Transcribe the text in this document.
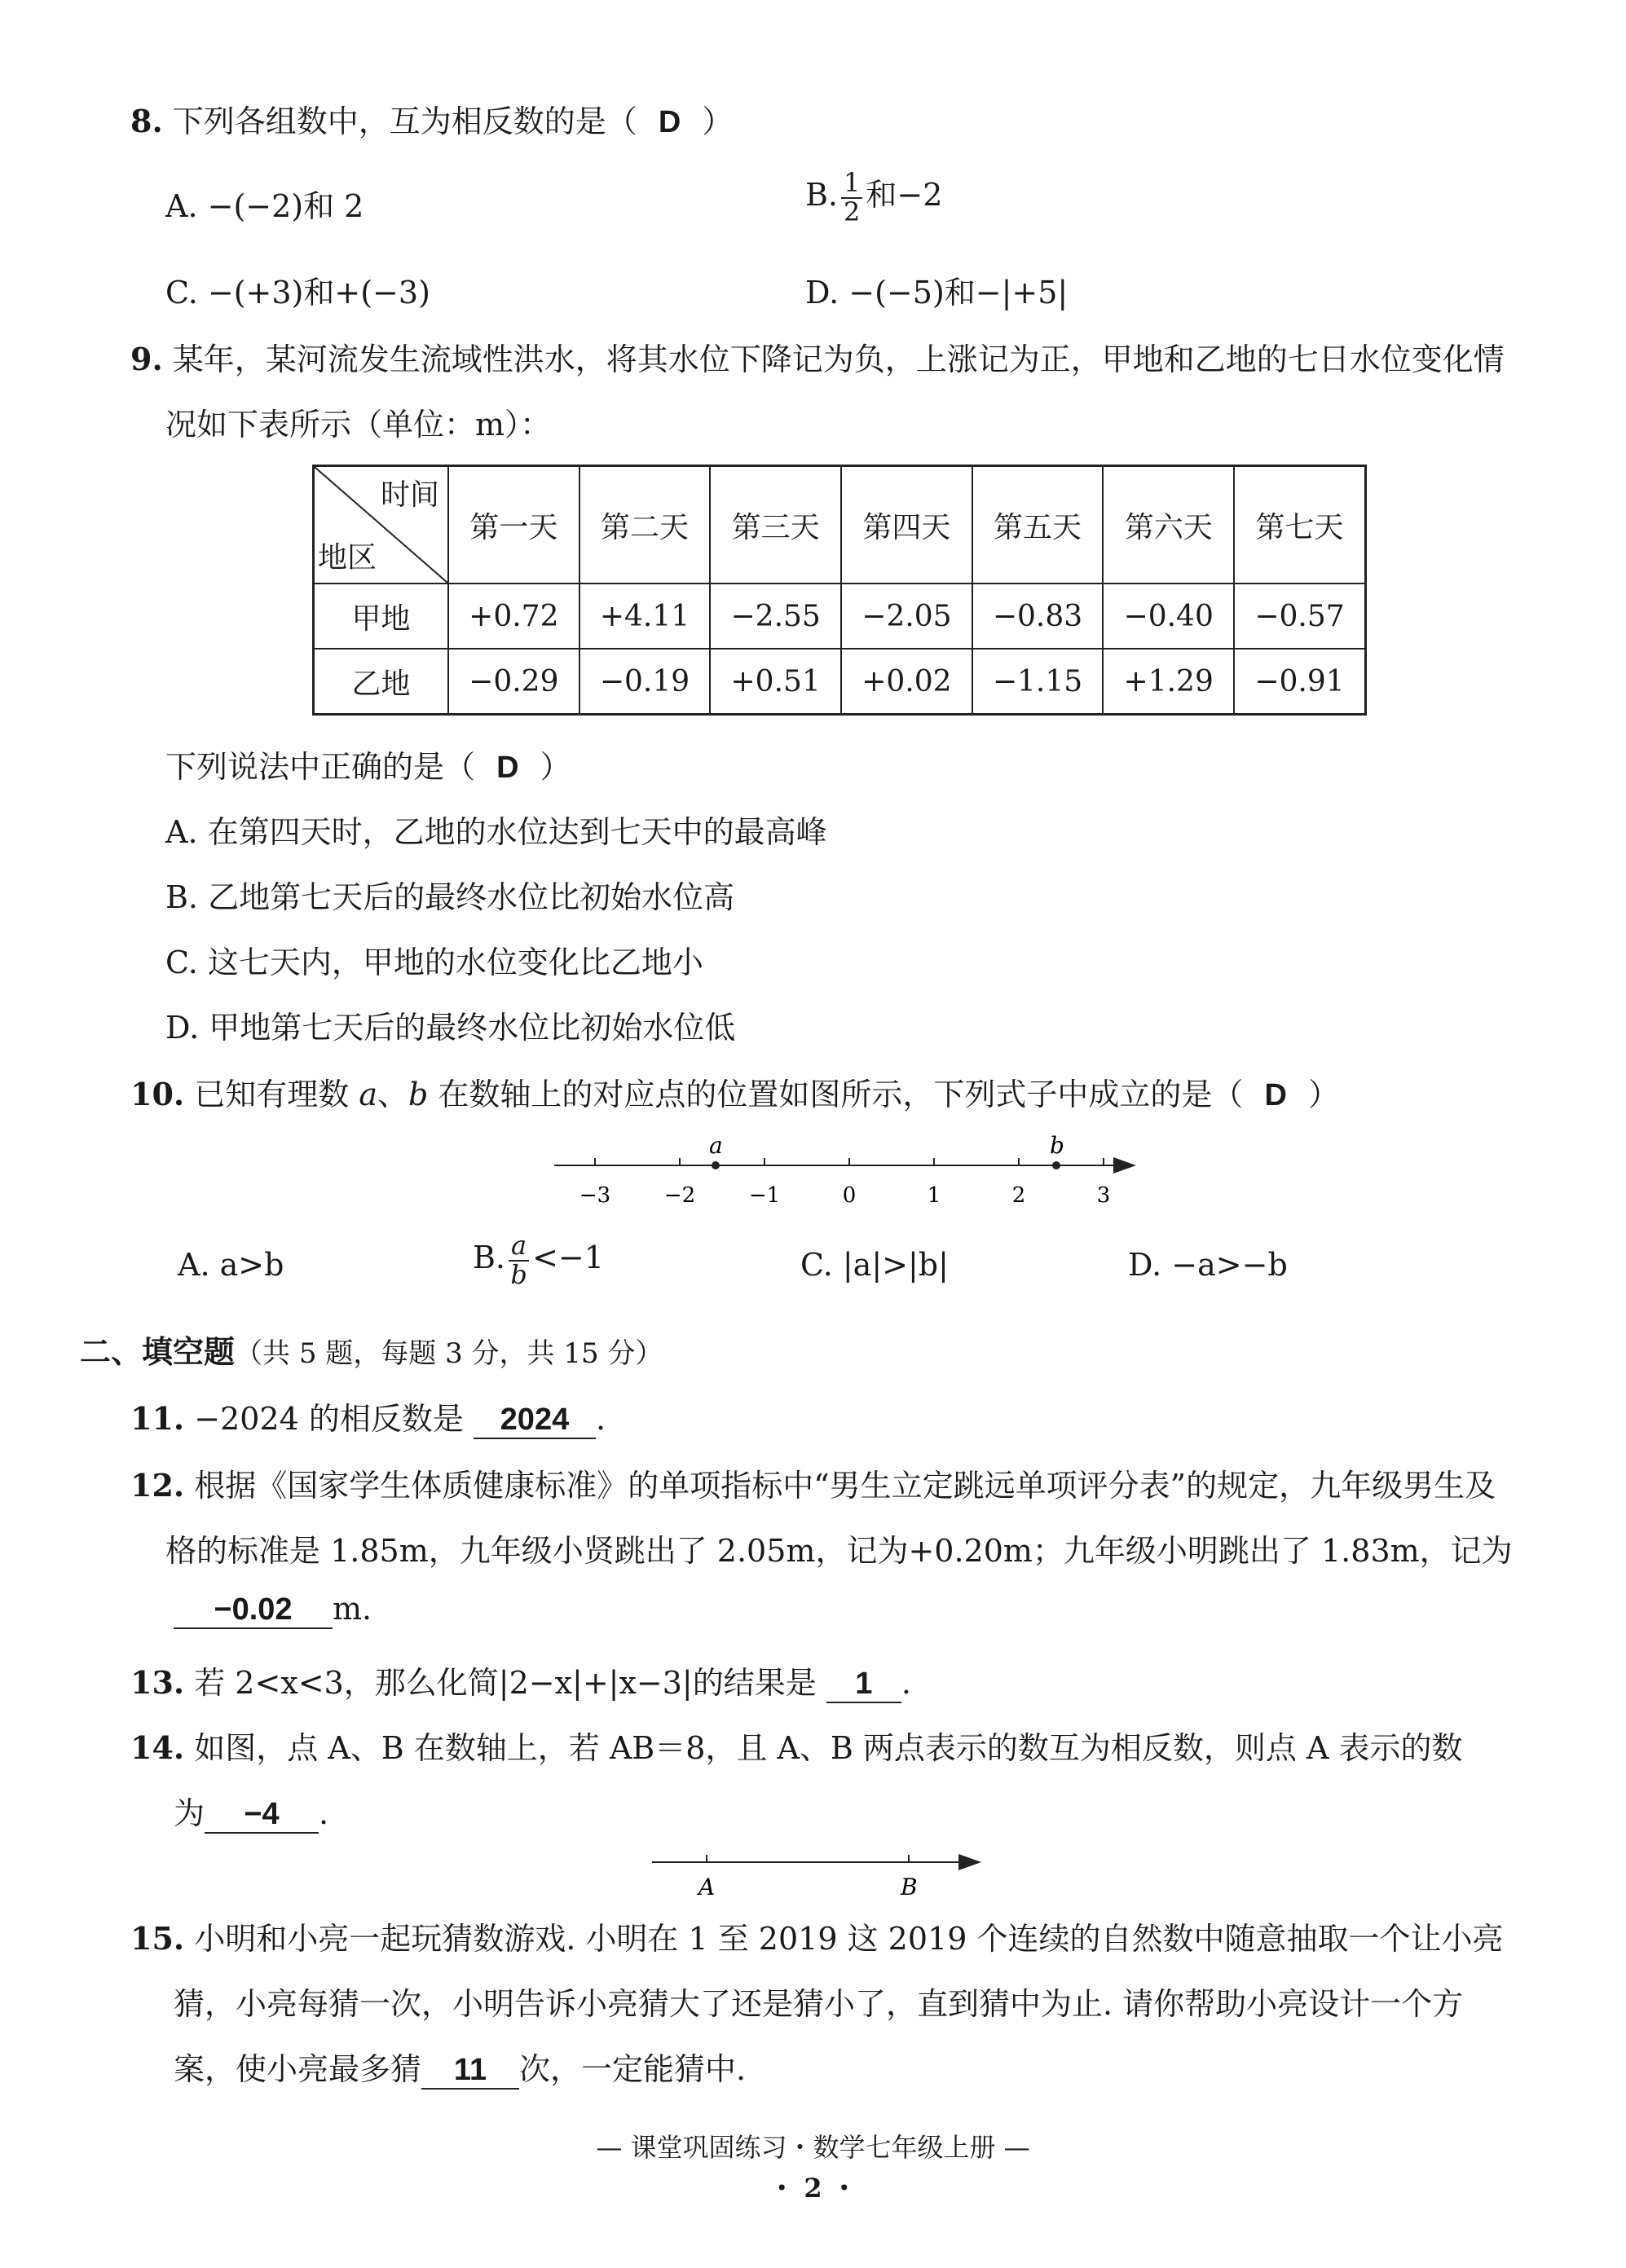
8. 下列各组数中，互为相反数的是（ D ）
A. −(−2)和 2	B. $\frac{1}{2}$ 和−2
C. −(+3)和+(−3)	D. −(−5)和−|+5|
9. 某年，某河流发生流域性洪水，将其水位下降记为负，上涨记为正，甲地和乙地的七日水位变化情
况如下表所示（单位：m）：
时间
地区	第一天	第二天	第三天	第四天	第五天	第六天	第七天
甲地	+0.72	+4.11	−2.55	−2.05	−0.83	−0.40	−0.57
乙地	−0.29	−0.19	+0.51	+0.02	−1.15	+1.29	−0.91
下列说法中正确的是（ D ）
A. 在第四天时，乙地的水位达到七天中的最高峰
B. 乙地第七天后的最终水位比初始水位高
C. 这七天内，甲地的水位变化比乙地小
D. 甲地第七天后的最终水位比初始水位低
10. 已知有理数 a、b 在数轴上的对应点的位置如图所示，下列式子中成立的是（ D ）
−3	−2	−1	0	1	2	3
a	b
A. a>b	B. $\frac{a}{b} <-1$	C. |a|>|b|	D. −a>−b
二、填空题（共 5 题，每题 3 分，共 15 分）
11. −2024 的相反数是 2024 .
12. 根据《国家学生体质健康标准》的单项指标中“男生立定跳远单项评分表”的规定，九年级男生及
格的标准是 1.85m，九年级小贤跳出了 2.05m，记为+0.20m；九年级小明跳出了 1.83m，记为
−0.02 m.
13. 若 2<x<3，那么化简|2−x|+|x−3|的结果是 1 .
14. 如图，点 A、B 在数轴上，若 AB＝8，且 A、B 两点表示的数互为相反数，则点 A 表示的数
为 −4 .
A	B
15. 小明和小亮一起玩猜数游戏. 小明在 1 至 2019 这 2019 个连续的自然数中随意抽取一个让小亮
猜，小亮每猜一次，小明告诉小亮猜大了还是猜小了，直到猜中为止. 请你帮助小亮设计一个方
案，使小亮最多猜 11 次，一定能猜中.
— 课堂巩固练习・数学七年级上册 —
・ 2 ・
